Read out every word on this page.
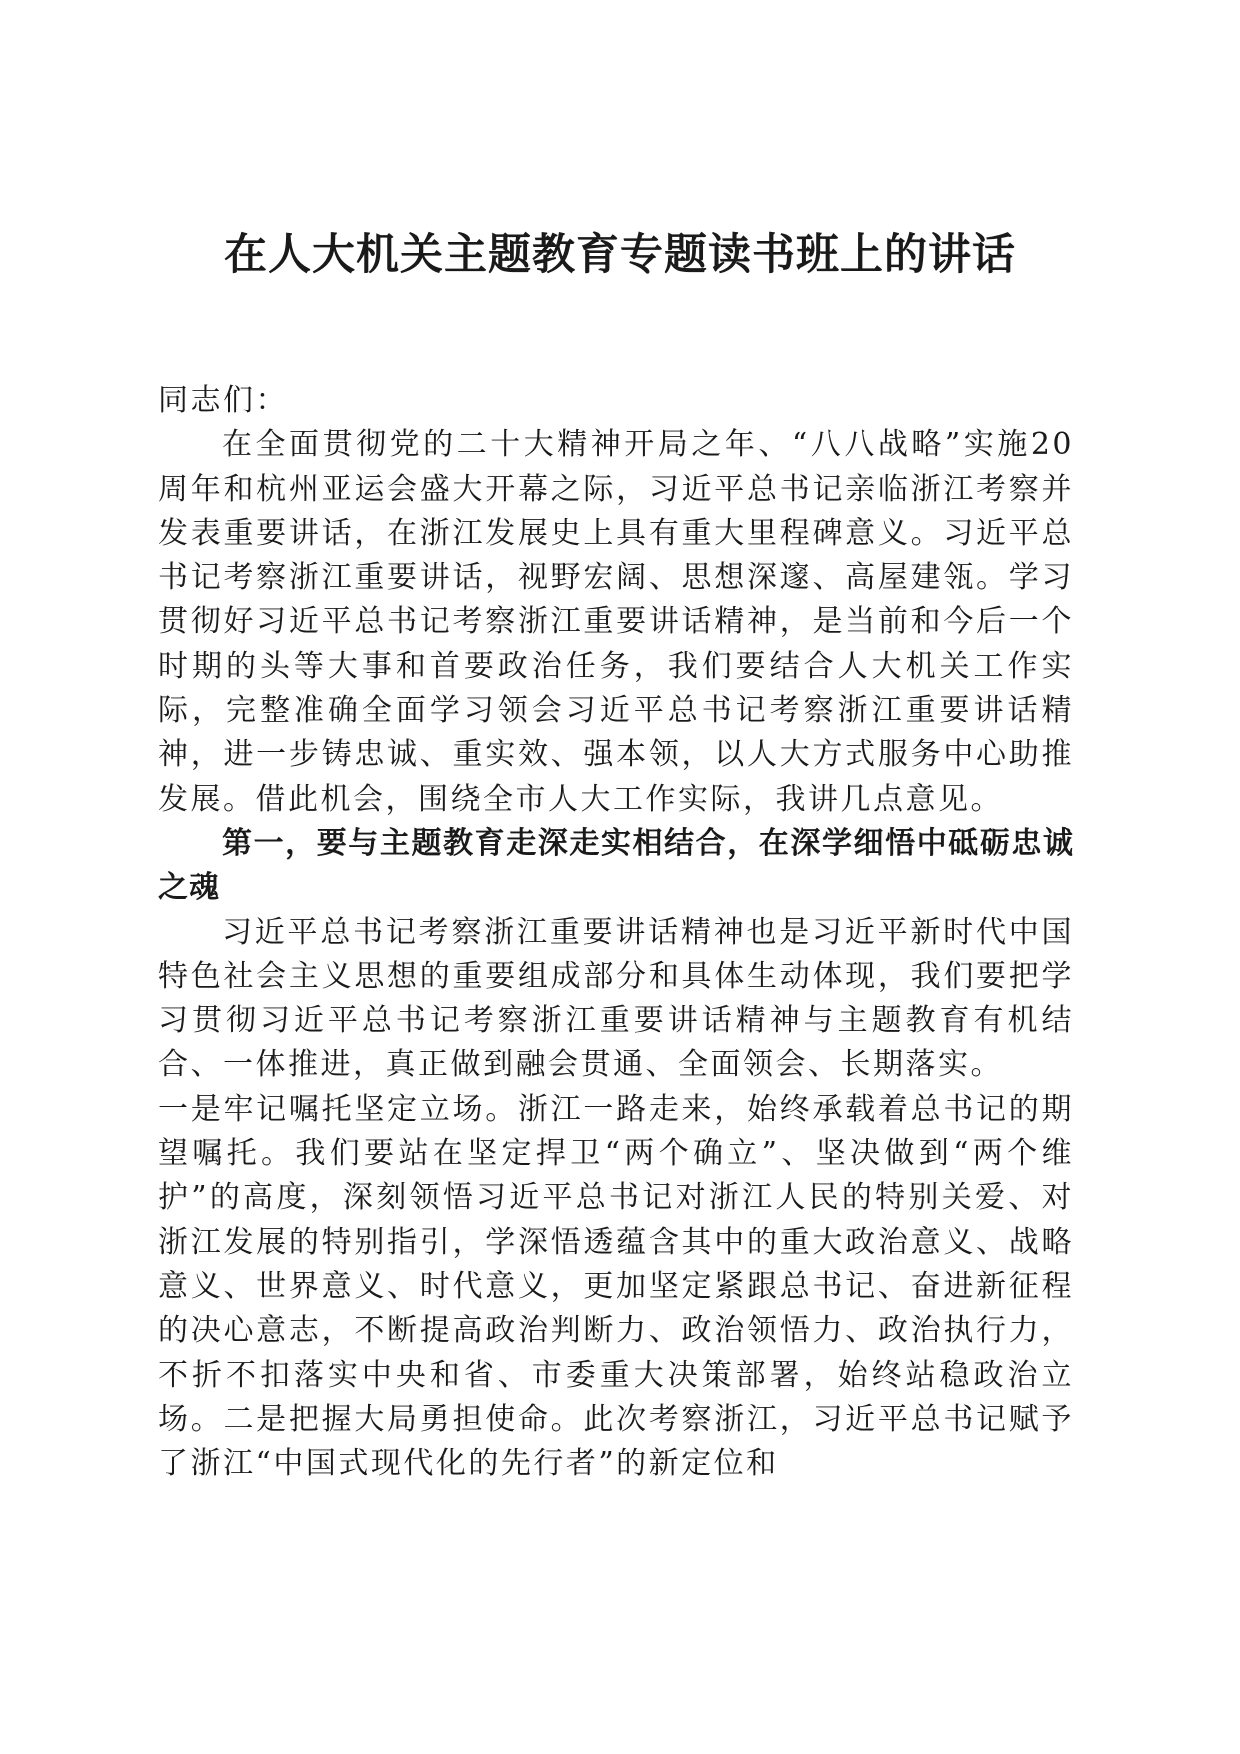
在人大机关主题教育专题读书班上的讲话

同志们：

在全面贯彻党的二十大精神开局之年、“八八战略”实施20周年和杭州亚运会盛大开幕之际，习近平总书记亲临浙江考察并发表重要讲话，在浙江发展史上具有重大里程碑意义。习近平总书记考察浙江重要讲话，视野宏阔、思想深邃、高屋建瓴。学习贯彻好习近平总书记考察浙江重要讲话精神，是当前和今后一个时期的头等大事和首要政治任务，我们要结合人大机关工作实际，完整准确全面学习领会习近平总书记考察浙江重要讲话精神，进一步铸忠诚、重实效、强本领，以人大方式服务中心助推发展。借此机会，围绕全市人大工作实际，我讲几点意见。

第一，要与主题教育走深走实相结合，在深学细悟中砥砺忠诚之魂

习近平总书记考察浙江重要讲话精神也是习近平新时代中国特色社会主义思想的重要组成部分和具体生动体现，我们要把学习贯彻习近平总书记考察浙江重要讲话精神与主题教育有机结合、一体推进，真正做到融会贯通、全面领会、长期落实。

一是牢记嘱托坚定立场。浙江一路走来，始终承载着总书记的期望嘱托。我们要站在坚定捍卫“两个确立”、坚决做到“两个维护”的高度，深刻领悟习近平总书记对浙江人民的特别关爱、对浙江发展的特别指引，学深悟透蕴含其中的重大政治意义、战略意义、世界意义、时代意义，更加坚定紧跟总书记、奋进新征程的决心意志，不断提高政治判断力、政治领悟力、政治执行力，不折不扣落实中央和省、市委重大决策部署，始终站稳政治立场。二是把握大局勇担使命。此次考察浙江，习近平总书记赋予了浙江“中国式现代化的先行者”的新定位和
